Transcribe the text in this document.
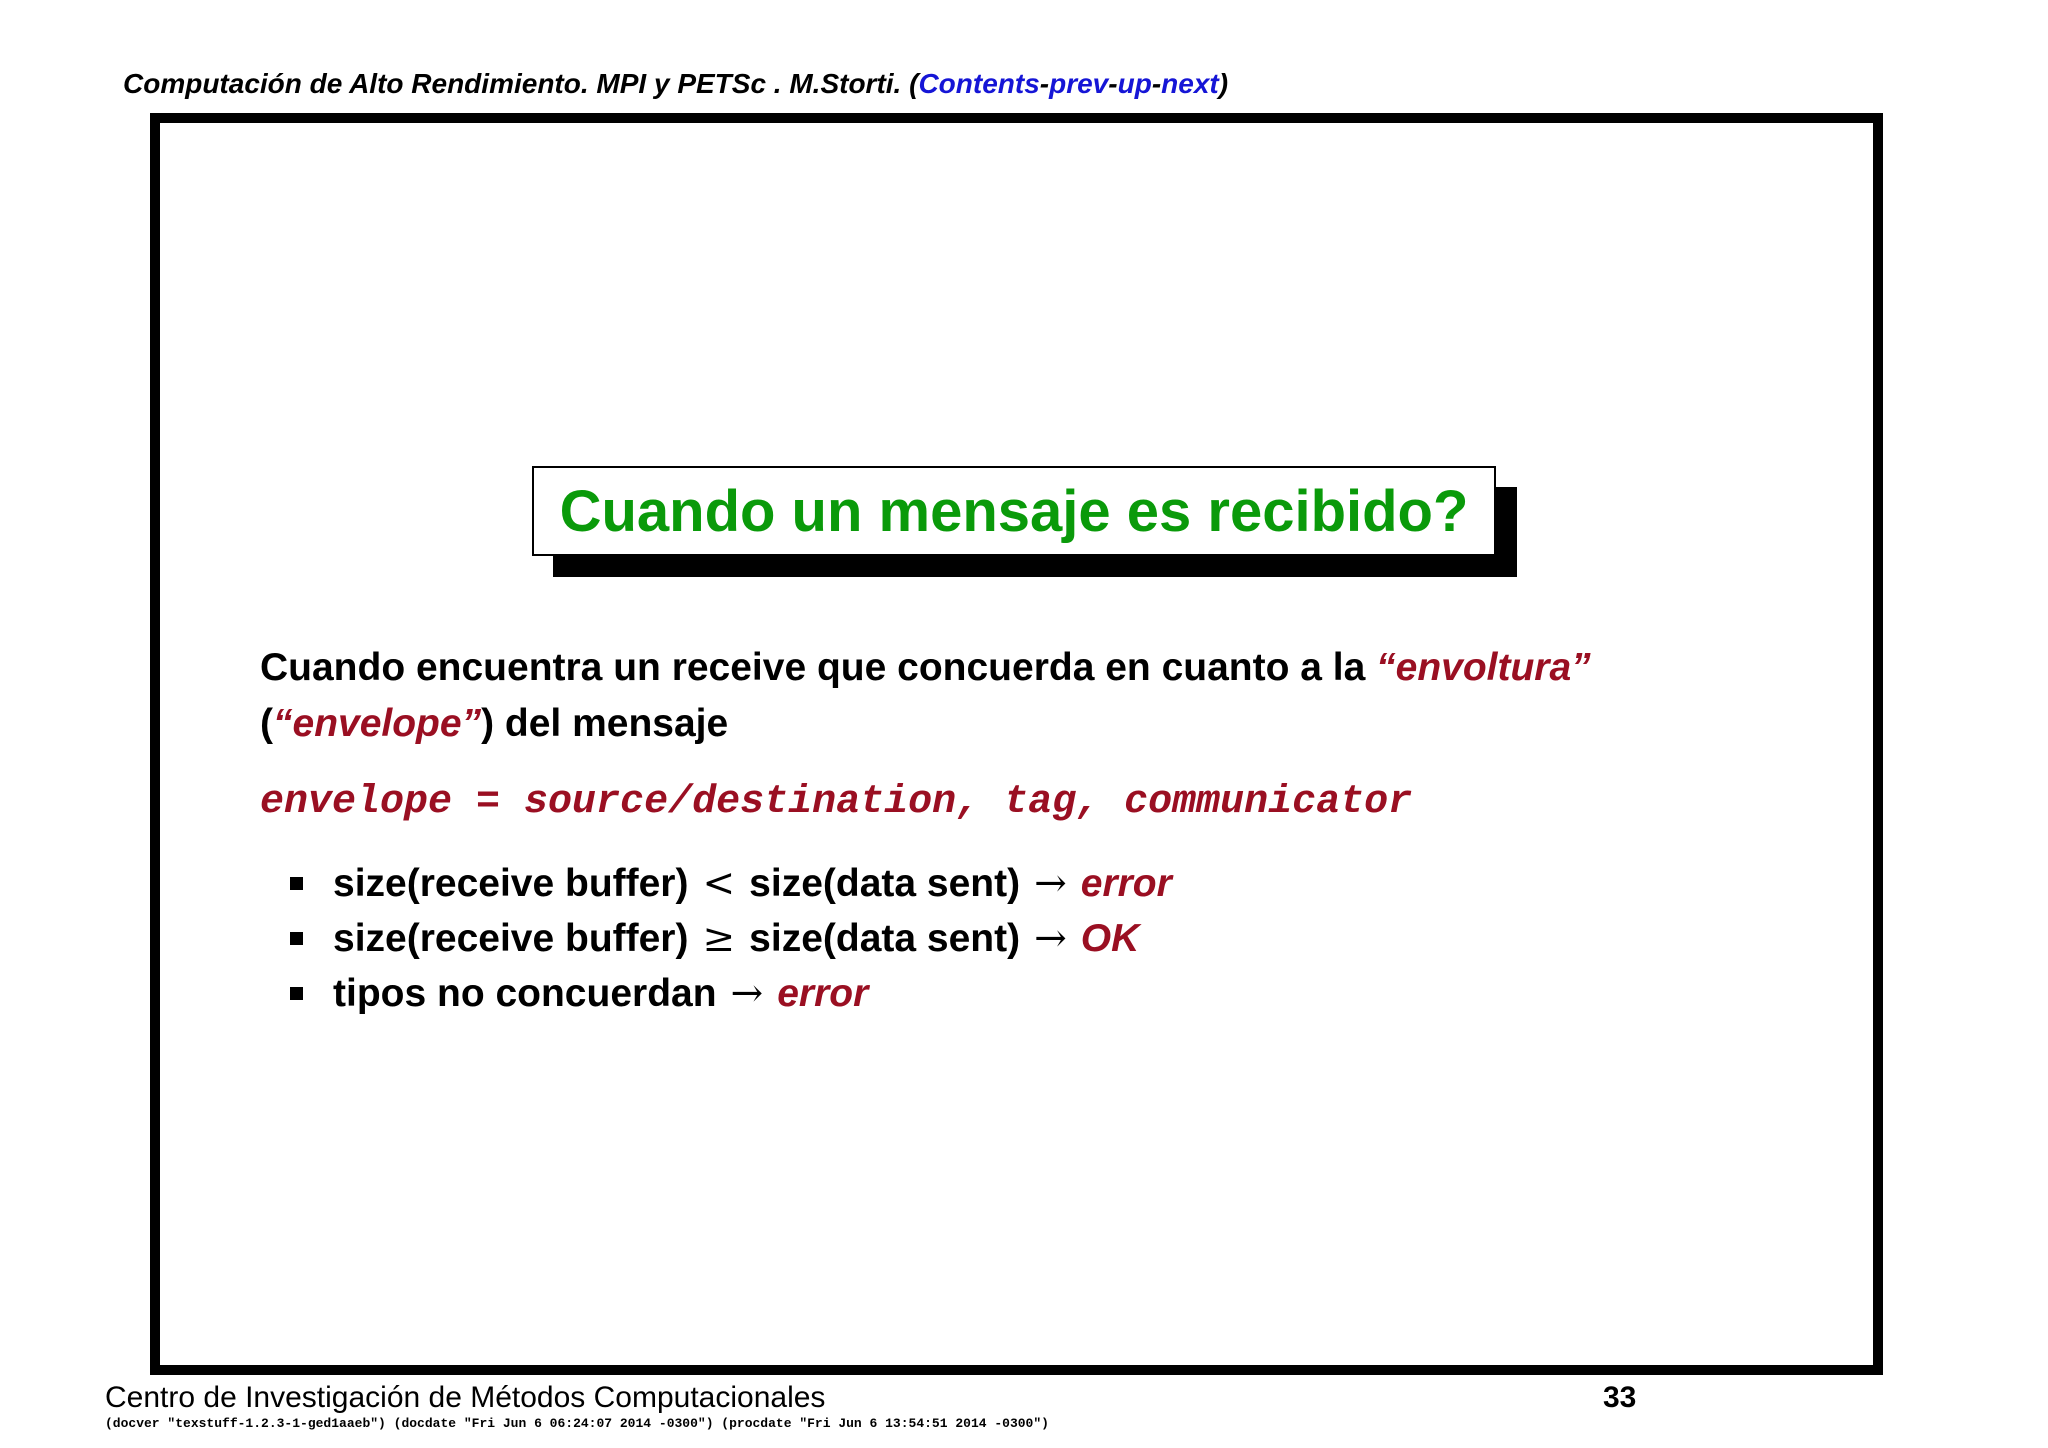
Computación de Alto Rendimiento. MPI y PETSc . M.Storti. (Contents-prev-up-next)
Cuando un mensaje es recibido?
Cuando encuentra un receive que concuerda en cuanto a la “envoltura”
(“envelope”) del mensaje
envelope = source/destination, tag, communicator
size(receive buffer) < size(data sent) → error
size(receive buffer) ≥ size(data sent) → OK
tipos no concuerdan → error
Centro de Investigación de Métodos Computacionales	33
(docver "texstuff-1.2.3-1-ged1aaeb") (docdate "Fri Jun 6 06:24:07 2014 -0300") (procdate "Fri Jun 6 13:54:51 2014 -0300")
